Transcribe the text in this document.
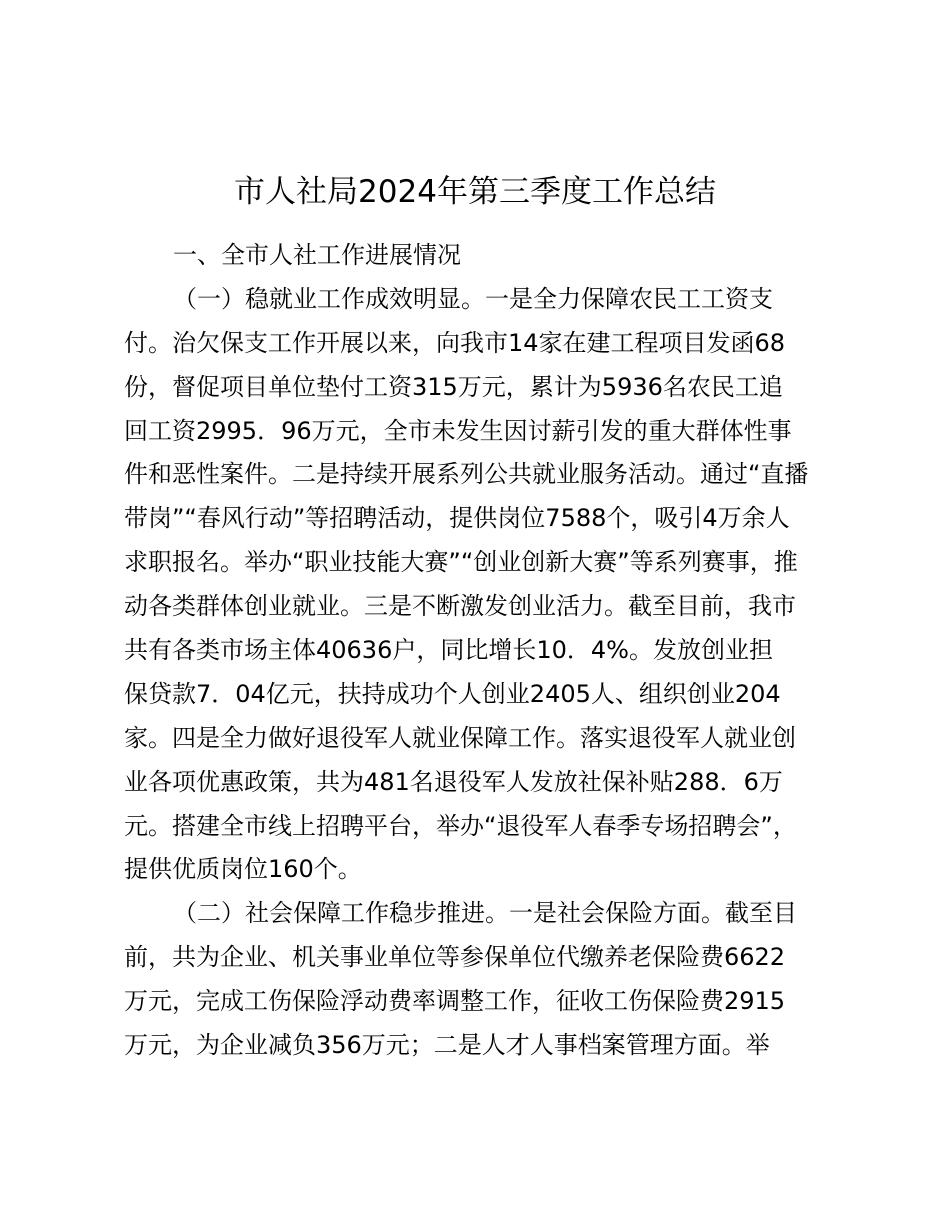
市人社局2024年第三季度工作总结

一、全市人社工作进展情况

（一）稳就业工作成效明显。一是全力保障农民工工资支
付。治欠保支工作开展以来，向我市14家在建工程项目发函68
份，督促项目单位垫付工资315万元，累计为5936名农民工追
回工资2995．96万元，全市未发生因讨薪引发的重大群体性事
件和恶性案件。二是持续开展系列公共就业服务活动。通过“直播
带岗”“春风行动”等招聘活动，提供岗位7588个，吸引4万余人
求职报名。举办“职业技能大赛”“创业创新大赛”等系列赛事，推
动各类群体创业就业。三是不断激发创业活力。截至目前，我市
共有各类市场主体40636户，同比增长10．4%。发放创业担
保贷款7．04亿元，扶持成功个人创业2405人、组织创业204
家。四是全力做好退役军人就业保障工作。落实退役军人就业创
业各项优惠政策，共为481名退役军人发放社保补贴288．6万
元。搭建全市线上招聘平台，举办“退役军人春季专场招聘会”，
提供优质岗位160个。
（二）社会保障工作稳步推进。一是社会保险方面。截至目
前，共为企业、机关事业单位等参保单位代缴养老保险费6622
万元，完成工伤保险浮动费率调整工作，征收工伤保险费2915
万元，为企业减负356万元；二是人才人事档案管理方面。举
